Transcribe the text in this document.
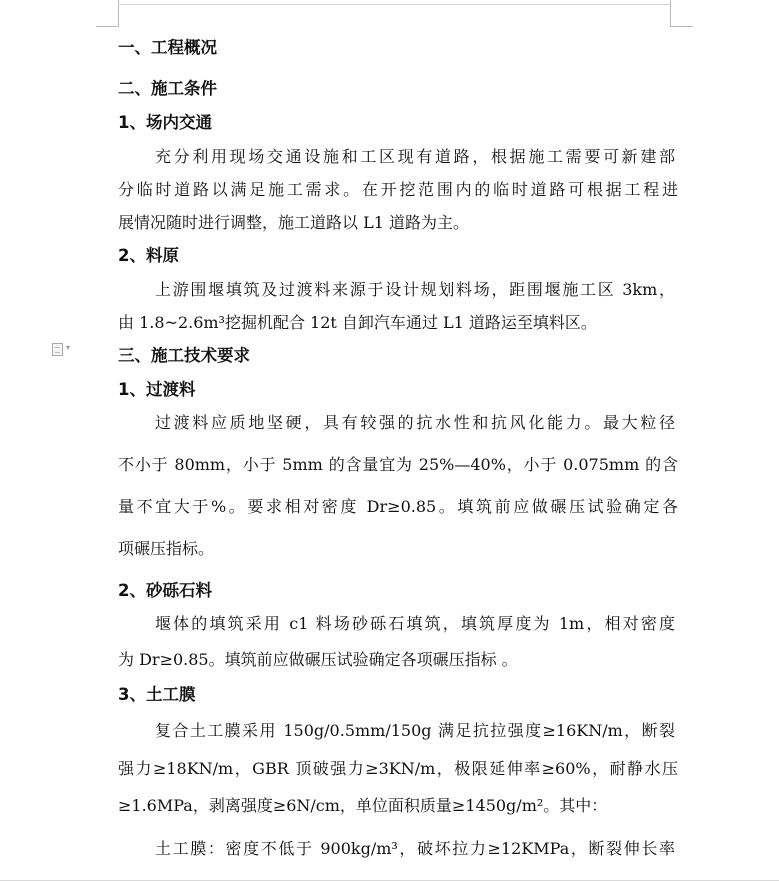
▾
一、工程概况
二、施工条件
1、场内交通
充分利用现场交通设施和工区现有道路，根据施工需要可新建部
分临时道路以满足施工需求。在开挖范围内的临时道路可根据工程进
展情况随时进行调整，施工道路以 L1 道路为主。
2、料原
上游围堰填筑及过渡料来源于设计规划料场，距围堰施工区 3km，
由 1.8~2.6m³挖掘机配合 12t 自卸汽车通过 L1 道路运至填料区。
三、施工技术要求
1、过渡料
过渡料应质地坚硬，具有较强的抗水性和抗风化能力。最大粒径
不小于 80mm，小于 5mm 的含量宜为 25%—40%，小于 0.075mm 的含
量不宜大于%。要求相对密度 Dr≥0.85。填筑前应做碾压试验确定各
项碾压指标。
2、砂砾石料
堰体的填筑采用 c1 料场砂砾石填筑，填筑厚度为 1m，相对密度
为 Dr≥0.85。填筑前应做碾压试验确定各项碾压指标 。
3、土工膜
复合土工膜采用 150g/0.5mm/150g 满足抗拉强度≥16KN/m，断裂
强力≥18KN/m，GBR 顶破强力≥3KN/m，极限延伸率≥60%，耐静水压
≥1.6MPa，剥离强度≥6N/cm，单位面积质量≥1450g/m²。其中：
土工膜：密度不低于 900kg/m³，破坏拉力≥12KMPa，断裂伸长率
